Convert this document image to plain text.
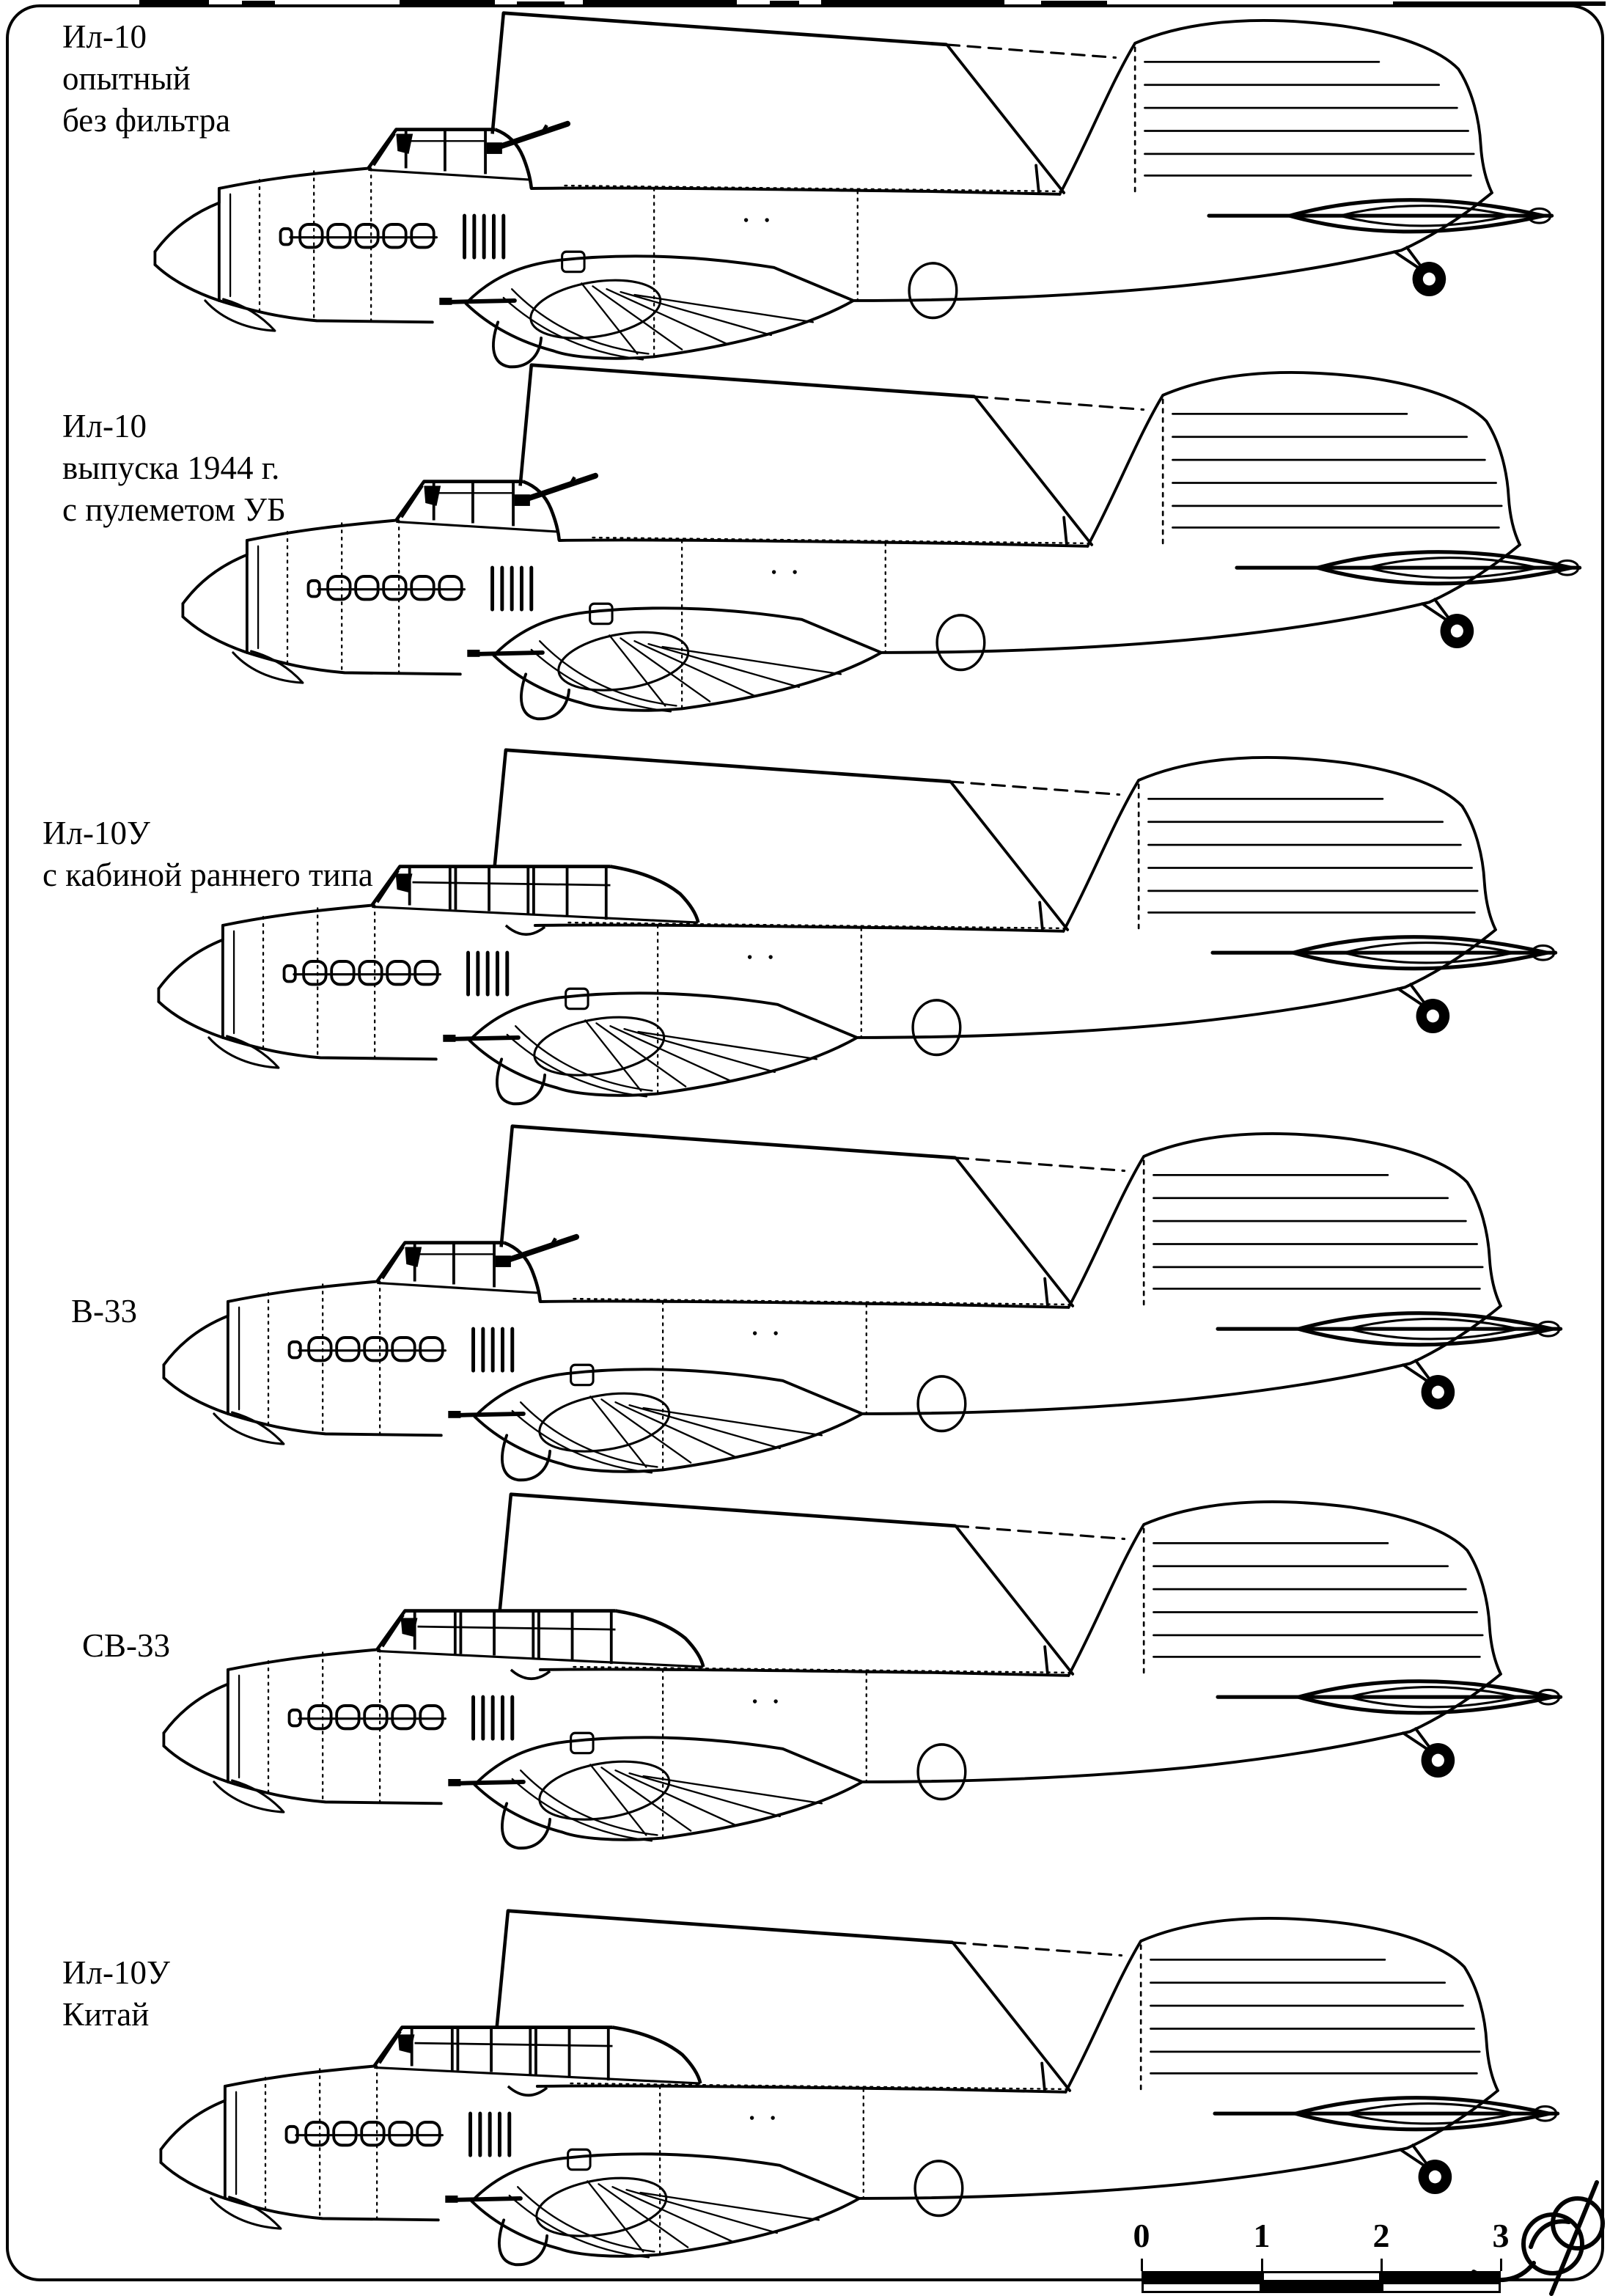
Ил-10
опытный
без фильтра
Ил-10
выпуска 1944 г.
с пулеметом УБ
Ил-10У
с кабиной раннего типа
В-33
СВ-33
Ил-10У
Китай
0	1	2	3
